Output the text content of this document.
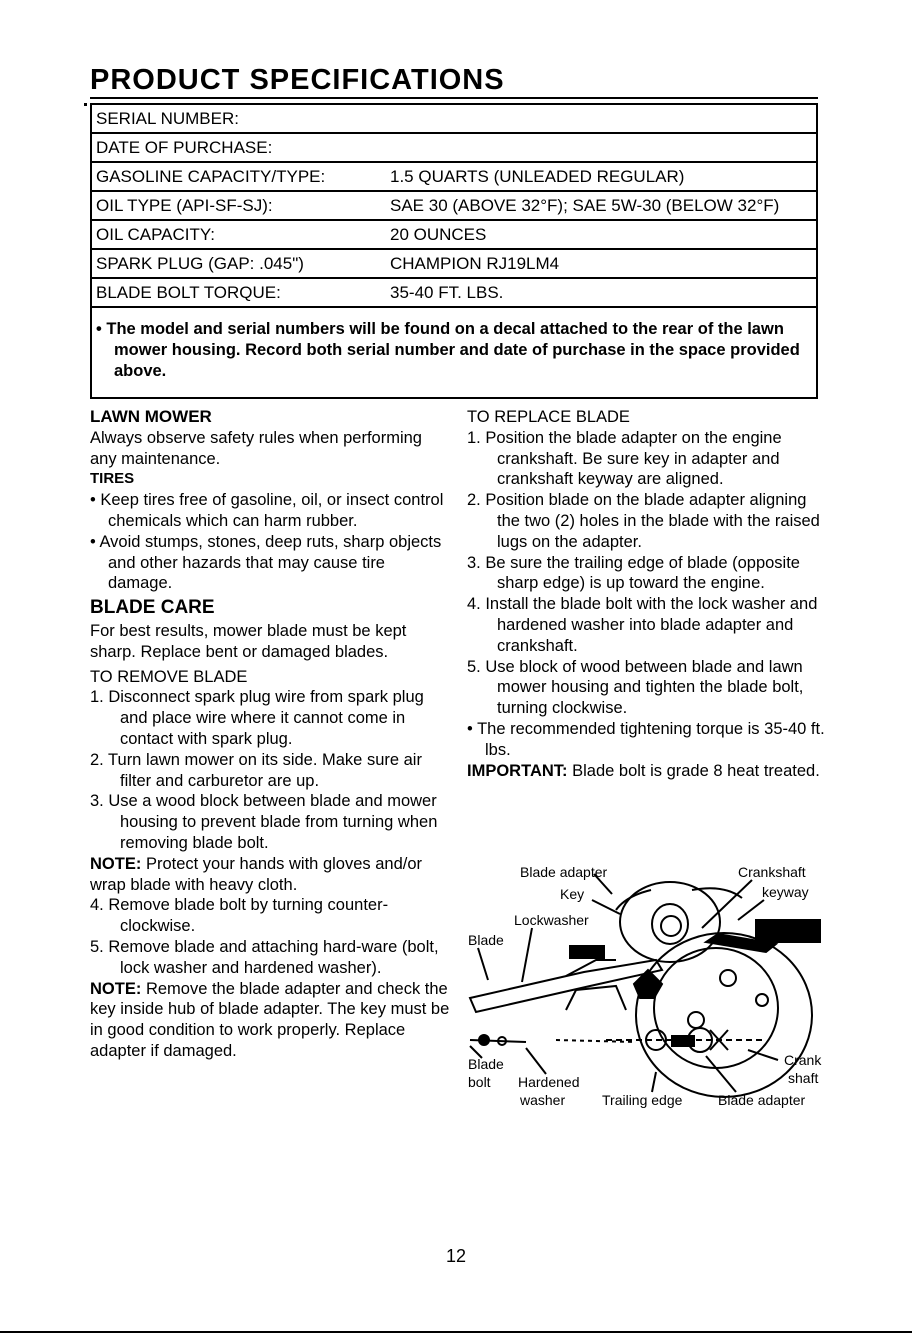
PRODUCT SPECIFICATIONS
SERIAL NUMBER:
DATE OF PURCHASE:
GASOLINE CAPACITY/TYPE:	1.5 QUARTS (UNLEADED REGULAR)
OIL TYPE (API-SF-SJ):	SAE 30 (ABOVE 32°F); SAE 5W-30 (BELOW 32°F)
OIL CAPACITY:	20 OUNCES
SPARK PLUG (GAP: .045")	CHAMPION RJ19LM4
BLADE BOLT TORQUE:	35-40 FT. LBS.
• The model and serial numbers will be found on a decal attached to the rear of the lawn mower housing. Record both serial number and date of purchase in the space provided above.
LAWN MOWER

Always observe safety rules when performing any maintenance.

TIRES

• Keep tires free of gasoline, oil, or insect control chemicals which can harm rubber.

• Avoid stumps, stones, deep ruts, sharp objects and other hazards that may cause tire damage.

BLADE CARE

For best results, mower blade must be kept sharp. Replace bent or damaged blades.

TO REMOVE BLADE

1. Disconnect spark plug wire from spark plug and place wire where it cannot come in contact with spark plug.

2. Turn lawn mower on its side. Make sure air filter and carburetor are up.

3. Use a wood block between blade and mower housing to prevent blade from turning when removing blade bolt.

NOTE: Protect your hands with gloves and/or wrap blade with heavy cloth.

4. Remove blade bolt by turning counter-clockwise.

5. Remove blade and attaching hard-ware (bolt, lock washer and hardened washer).

NOTE: Remove the blade adapter and check the key inside hub of blade adapter. The key must be in good condition to work properly. Replace adapter if damaged.

TO REPLACE BLADE

1. Position the blade adapter on the engine crankshaft. Be sure key in adapter and crankshaft keyway are aligned.

2. Position blade on the blade adapter aligning the two (2) holes in the blade with the raised lugs on the adapter.

3. Be sure the trailing edge of blade (opposite sharp edge) is up toward the engine.

4. Install the blade bolt with the lock washer and hardened washer into blade adapter and crankshaft.

5. Use block of wood between blade and lawn mower housing and tighten the blade bolt, turning clockwise.

• The recommended tightening torque is 35-40 ft. lbs.

IMPORTANT: Blade bolt is grade 8 heat treated.

Blade adapter	Crankshaft
keyway
Key
Lockwasher
Blade
Crank
shaft
Blade
bolt Hardened
washer	Trailing edge	Blade adapter
12
